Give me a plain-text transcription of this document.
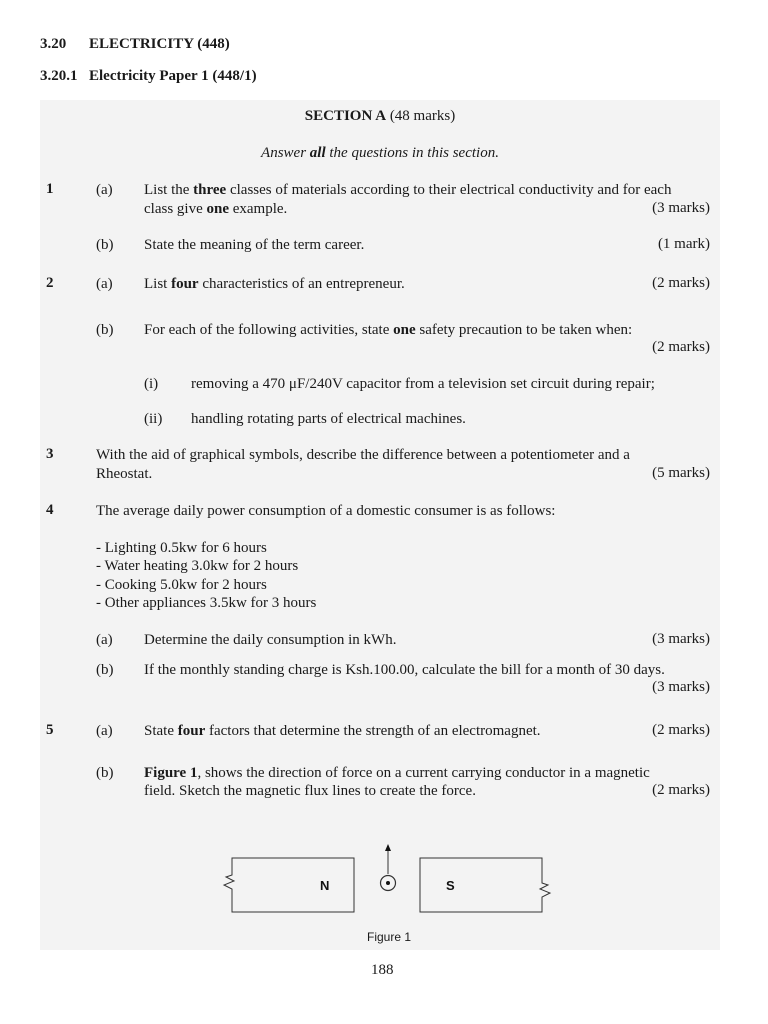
3.20 ELECTRICITY (448)
3.20.1 Electricity Paper 1 (448/1)
SECTION A (48 marks)
Answer all the questions in this section.
1	(a) List the three classes of materials according to their electrical conductivity and for each
class give one example.	(3 marks)
(b) State the meaning of the term career.	(1 mark)
2	(a) List four characteristics of an entrepreneur.	(2 marks)
(b) For each of the following activities, state one safety precaution to be taken when:
(2 marks)
(i) removing a 470 μF/240V capacitor from a television set circuit during repair;
(ii) handling rotating parts of electrical machines.
3	With the aid of graphical symbols, describe the difference between a potentiometer and a
Rheostat.	(5 marks)
4	The average daily power consumption of a domestic consumer is as follows:
- Lighting 0.5kw for 6 hours
- Water heating 3.0kw for 2 hours
- Cooking 5.0kw for 2 hours
- Other appliances 3.5kw for 3 hours
(a) Determine the daily consumption in kWh.	(3 marks)
(b) If the monthly standing charge is Ksh.100.00, calculate the bill for a month of 30 days.
(3 marks)
5	(a) State four factors that determine the strength of an electromagnet.	(2 marks)
(b) Figure 1, shows the direction of force on a current carrying conductor in a magnetic
field. Sketch the magnetic flux lines to create the force.	(2 marks)
N	S
Figure 1
188
